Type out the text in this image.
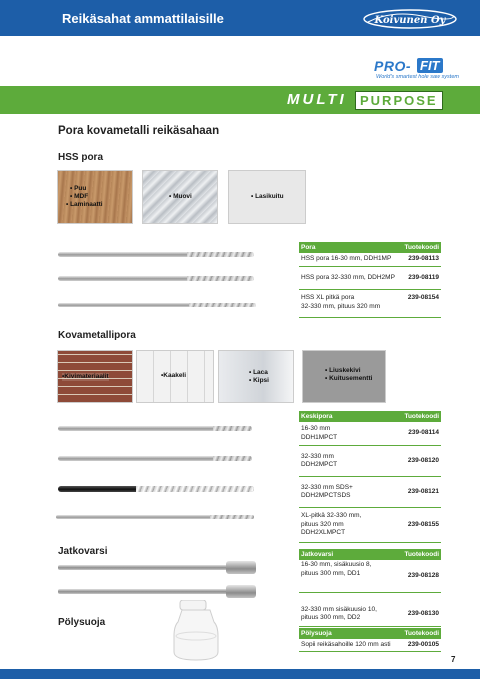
Reikäsahat ammattilaisille	Koivunen Oy
PRO- FIT
World's smartest hole saw system
MULTI	PURPOSE
Pora kovametalli reikäsahaan
HSS pora
• Puu
• MDF
• Laminaatti
• Muovi	• Lasikuitu
Pora	Tuotekoodi
HSS pora 16-30 mm, DDH1MP	239-08113
HSS pora 32-330 mm, DDH2MP	239-08119

HSS XL pitkä pora
32-330 mm, pituus 320 mm	239-08154
Kovametallipora
•Kivimateriaalit	•Kaakeli	• Laca
• Kipsi
• Liuskekivi
• Kuitusementti
Keskipora	Tuotekoodi

16-30 mm
DDH1MPCT	239-08114

32-330 mm
DDH2MPCT	239-08120

32-330 mm SDS+
DDH2MPCTSDS	239-08121

XL-pitkä 32-330 mm,
pituus 320 mm
DDH2XLMPCT	239-08155
Jatkovarsi	Jatkovarsi	Tuotekoodi

16-30 mm, sisäkuusio 8,
pituus 300 mm, DD1	239-08128

32-330 mm sisäkuusio 10,
pituus 300 mm, DD2	239-08130
Pölysuoja
Pölysuoja	Tuotekoodi
Sopii reikäsahoille 120 mm asti	239-00105
7
